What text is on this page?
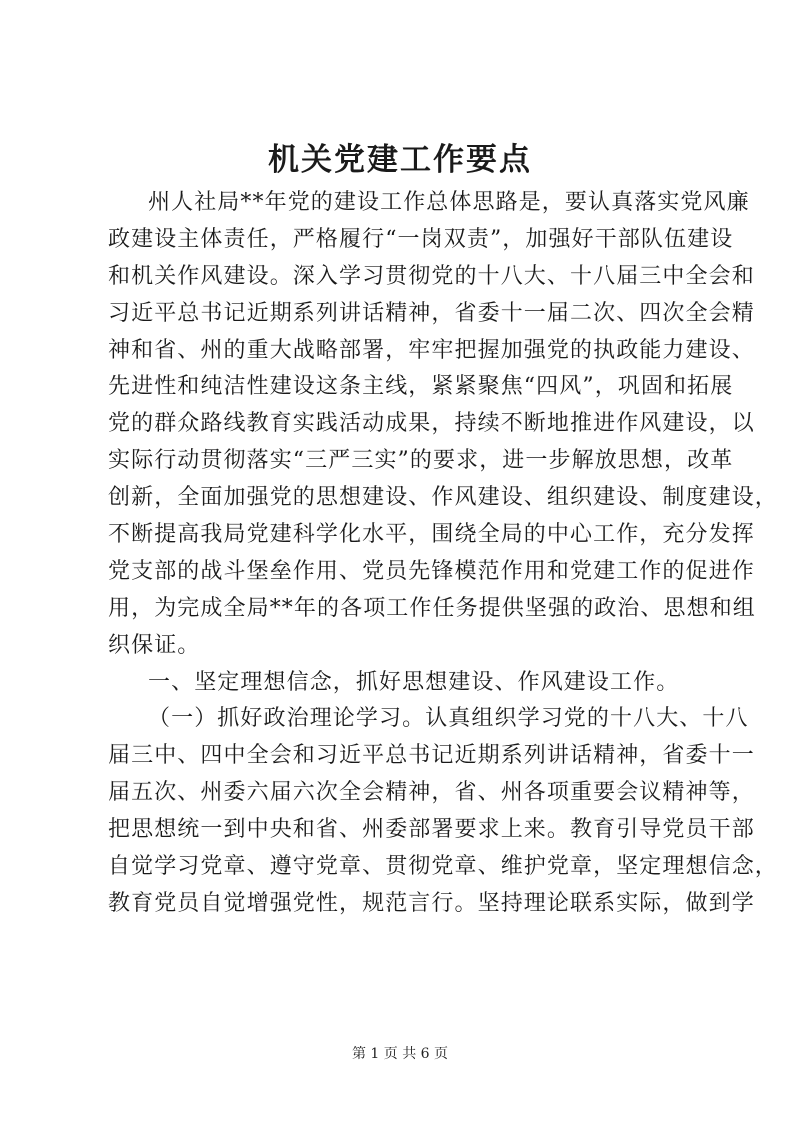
机关党建工作要点
州人社局**年党的建设工作总体思路是，要认真落实党风廉
政建设主体责任，严格履行“一岗双责”，加强好干部队伍建设
和机关作风建设。深入学习贯彻党的十八大、十八届三中全会和
习近平总书记近期系列讲话精神，省委十一届二次、四次全会精
神和省、州的重大战略部署，牢牢把握加强党的执政能力建设、
先进性和纯洁性建设这条主线，紧紧聚焦“四风”，巩固和拓展
党的群众路线教育实践活动成果，持续不断地推进作风建设，以
实际行动贯彻落实“三严三实”的要求，进一步解放思想，改革
创新，全面加强党的思想建设、作风建设、组织建设、制度建设，
不断提高我局党建科学化水平，围绕全局的中心工作，充分发挥
党支部的战斗堡垒作用、党员先锋模范作用和党建工作的促进作
用，为完成全局**年的各项工作任务提供坚强的政治、思想和组
织保证。
一、坚定理想信念，抓好思想建设、作风建设工作。
（一）抓好政治理论学习。认真组织学习党的十八大、十八
届三中、四中全会和习近平总书记近期系列讲话精神，省委十一
届五次、州委六届六次全会精神，省、州各项重要会议精神等，
把思想统一到中央和省、州委部署要求上来。教育引导党员干部
自觉学习党章、遵守党章、贯彻党章、维护党章，坚定理想信念，
教育党员自觉增强党性，规范言行。坚持理论联系实际，做到学
第 1 页 共 6 页
